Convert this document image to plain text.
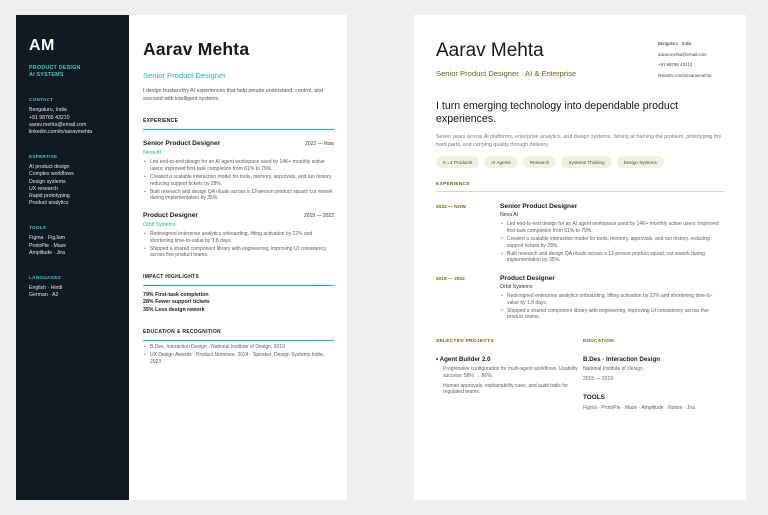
AM
PRODUCT DESIGN
AI SYSTEMS
CONTACT
Bengaluru, India
+91 98765 43210
aarav.mehta@email.com
linkedin.com/in/aaravmehta
EXPERTISE
AI product design
Complex workflows
Design systems
UX research
Rapid prototyping
Product analytics
TOOLS
Figma · FigJam
ProtoPie · Maze
Amplitude · Jira
LANGUAGES
English · Hindi
German · A2
Aarav Mehta
Senior Product Designer
I design trustworthy AI experiences that help people understand, control, and succeed with intelligent systems.
EXPERIENCE
Senior Product Designer	2022 — Now
Nexa AI
• Led end-to-end design for an AI agent workspace used by 14K+ monthly active users; improved first-task completion from 61% to 79%.
• Created a scalable interaction model for tools, memory, approvals, and run history, reducing support tickets by 28%.
• Built research and design QA rituals across a 12-person product squad; cut rework during implementation by 35%.
Product Designer	2019 — 2022
Orbit Systems
• Redesigned enterprise analytics onboarding, lifting activation by 22% and shortening time-to-value by 1.8 days.
• Shipped a shared component library with engineering, improving UI consistency across five product teams.
IMPACT HIGHLIGHTS
79% First-task completion
28% Fewer support tickets
35% Less design rework
EDUCATION & RECOGNITION
• B.Des, Interaction Design · National Institute of Design, 2019
• UX Design Awards · Product Nominee, 2024 · Speaker, Design Systems India, 2023
Aarav Mehta
Senior Product Designer · AI & Enterprise
Bengaluru · India
aarav.mehta@email.com
+91 98765 43210
linkedin.com/in/aaravmehta
I turn emerging technology into dependable product experiences.
Seven years across AI platforms, enterprise analytics, and design systems. Strong at framing the problem, prototyping the hard parts, and carrying quality through delivery.
0→1 Products	AI Agents	Research	Systems Thinking	Design Systems
EXPERIENCE
2022 — NOW	Senior Product Designer
Nexa AI
• Led end-to-end design for an AI agent workspace used by 14K+ monthly active users; improved first-task completion from 61% to 79%.
• Created a scalable interaction model for tools, memory, approvals, and run history, reducing support tickets by 28%.
• Built research and design QA rituals across a 12-person product squad; cut rework during implementation by 35%.
2019 — 2022	Product Designer
Orbit Systems
• Redesigned enterprise analytics onboarding, lifting activation by 22% and shortening time-to-value by 1.8 days.
• Shipped a shared component library with engineering, improving UI consistency across five product teams.
SELECTED PROJECTS
• Agent Builder 2.0
Progressive configuration for multi-agent workflows. Usability success: 58% → 86%.
Human approvals, explainability cues, and audit trails for regulated teams.
EDUCATION
B.Des · Interaction Design
National Institute of Design
2015 — 2019
TOOLS
Figma · ProtoPie · Maze · Amplitude · Notion · Jira
